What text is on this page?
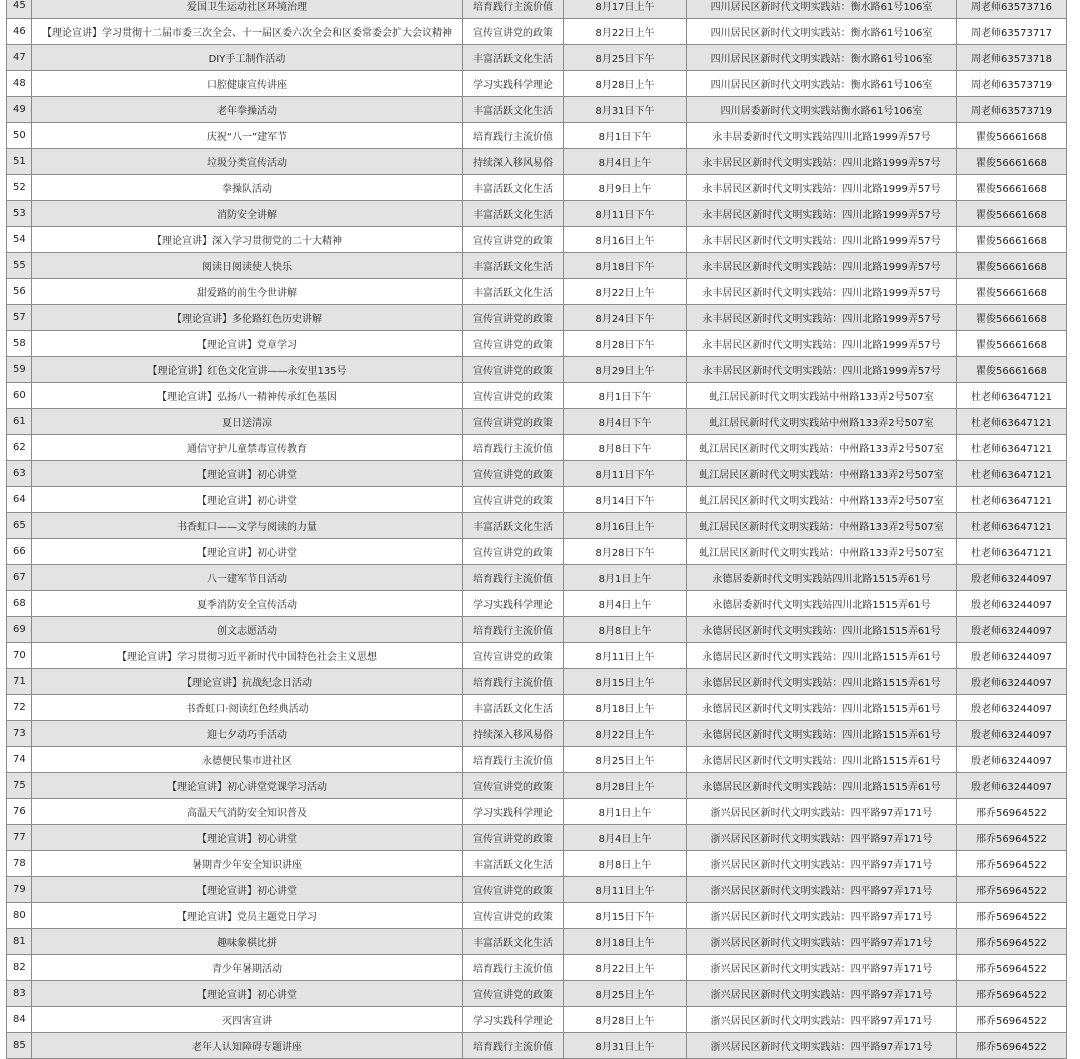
45	爱国卫生运动社区环境治理	培育践行主流价值	8月17日上午	四川居民区新时代文明实践站：衡水路61号106室	周老师63573716
46	【理论宣讲】学习贯彻十二届市委三次全会、十一届区委六次全会和区委常委会扩大会议精神	宣传宣讲党的政策	8月22日上午	四川居民区新时代文明实践站：衡水路61号106室	周老师63573717
47	DIY手工制作活动	丰富活跃文化生活	8月25日下午	四川居民区新时代文明实践站：衡水路61号106室	周老师63573718
48	口腔健康宣传讲座	学习实践科学理论	8月28日上午	四川居民区新时代文明实践站：衡水路61号106室	周老师63573719
49	老年拳操活动	丰富活跃文化生活	8月31日下午	四川居委新时代文明实践站衡水路61号106室	周老师63573719
50	庆祝“八一”建军节	培育践行主流价值	8月1日下午	永丰居委新时代文明实践站四川北路1999弄57号	瞿俊56661668
51	垃圾分类宣传活动	持续深入移风易俗	8月4日上午	永丰居民区新时代文明实践站：四川北路1999弄57号	瞿俊56661668
52	拳操队活动	丰富活跃文化生活	8月9日上午	永丰居民区新时代文明实践站：四川北路1999弄57号	瞿俊56661668
53	消防安全讲解	丰富活跃文化生活	8月11日下午	永丰居民区新时代文明实践站：四川北路1999弄57号	瞿俊56661668
54	【理论宣讲】深入学习贯彻党的二十大精神	宣传宣讲党的政策	8月16日上午	永丰居民区新时代文明实践站：四川北路1999弄57号	瞿俊56661668
55	阅读日阅读使人快乐	丰富活跃文化生活	8月18日下午	永丰居民区新时代文明实践站：四川北路1999弄57号	瞿俊56661668
56	甜爱路的前生今世讲解	丰富活跃文化生活	8月22日上午	永丰居民区新时代文明实践站：四川北路1999弄57号	瞿俊56661668
57	【理论宣讲】多伦路红色历史讲解	宣传宣讲党的政策	8月24日下午	永丰居民区新时代文明实践站：四川北路1999弄57号	瞿俊56661668
58	【理论宣讲】党章学习	宣传宣讲党的政策	8月28日下午	永丰居民区新时代文明实践站：四川北路1999弄57号	瞿俊56661668
59	【理论宣讲】红色文化宣讲——永安里135号	宣传宣讲党的政策	8月29日上午	永丰居民区新时代文明实践站：四川北路1999弄57号	瞿俊56661668
60	【理论宣讲】弘扬八一精神传承红色基因	宣传宣讲党的政策	8月1日下午	虬江居民新时代文明实践站中州路133弄2号507室	杜老师63647121
61	夏日送清凉	宣传宣讲党的政策	8月4日下午	虬江居民新时代文明实践站中州路133弄2号507室	杜老师63647121
62	通信守护儿童禁毒宣传教育	培育践行主流价值	8月8日下午	虬江居民区新时代文明实践站：中州路133弄2号507室	杜老师63647121
63	【理论宣讲】初心讲堂	宣传宣讲党的政策	8月11日下午	虬江居民区新时代文明实践站：中州路133弄2号507室	杜老师63647121
64	【理论宣讲】初心讲堂	宣传宣讲党的政策	8月14日下午	虬江居民区新时代文明实践站：中州路133弄2号507室	杜老师63647121
65	书香虹口——文学与阅读的力量	丰富活跃文化生活	8月16日上午	虬江居民区新时代文明实践站：中州路133弄2号507室	杜老师63647121
66	【理论宣讲】初心讲堂	宣传宣讲党的政策	8月28日下午	虬江居民区新时代文明实践站：中州路133弄2号507室	杜老师63647121
67	八一建军节日活动	培育践行主流价值	8月1日上午	永德居委新时代文明实践站四川北路1515弄61号	殷老师63244097
68	夏季消防安全宣传活动	学习实践科学理论	8月4日上午	永德居委新时代文明实践站四川北路1515弄61号	殷老师63244097
69	创文志愿活动	培育践行主流价值	8月8日上午	永德居民区新时代文明实践站：四川北路1515弄61号	殷老师63244097
70	【理论宣讲】学习贯彻习近平新时代中国特色社会主义思想	宣传宣讲党的政策	8月11日上午	永德居民区新时代文明实践站：四川北路1515弄61号	殷老师63244097
71	【理论宣讲】抗战纪念日活动	培育践行主流价值	8月15日上午	永德居民区新时代文明实践站：四川北路1515弄61号	殷老师63244097
72	书香虹口·阅读红色经典活动	丰富活跃文化生活	8月18日上午	永德居民区新时代文明实践站：四川北路1515弄61号	殷老师63244097
73	迎七夕动巧手活动	持续深入移风易俗	8月22日上午	永德居民区新时代文明实践站：四川北路1515弄61号	殷老师63244097
74	永德便民集市进社区	培育践行主流价值	8月25日上午	永德居民区新时代文明实践站：四川北路1515弄61号	殷老师63244097
75	【理论宣讲】初心讲堂党课学习活动	宣传宣讲党的政策	8月28日上午	永德居民区新时代文明实践站：四川北路1515弄61号	殷老师63244097
76	高温天气消防安全知识普及	学习实践科学理论	8月1日上午	浙兴居民区新时代文明实践站：四平路97弄171号	邢乔56964522
77	【理论宣讲】初心讲堂	宣传宣讲党的政策	8月4日上午	浙兴居民区新时代文明实践站：四平路97弄171号	邢乔56964522
78	暑期青少年安全知识讲座	丰富活跃文化生活	8月8日上午	浙兴居民区新时代文明实践站：四平路97弄171号	邢乔56964522
79	【理论宣讲】初心讲堂	宣传宣讲党的政策	8月11日上午	浙兴居民区新时代文明实践站：四平路97弄171号	邢乔56964522
80	【理论宣讲】党员主题党日学习	宣传宣讲党的政策	8月15日下午	浙兴居民区新时代文明实践站：四平路97弄171号	邢乔56964522
81	趣味象棋比拼	丰富活跃文化生活	8月18日上午	浙兴居民区新时代文明实践站：四平路97弄171号	邢乔56964522
82	青少年暑期活动	培育践行主流价值	8月22日上午	浙兴居民区新时代文明实践站：四平路97弄171号	邢乔56964522
83	【理论宣讲】初心讲堂	宣传宣讲党的政策	8月25日上午	浙兴居民区新时代文明实践站：四平路97弄171号	邢乔56964522
84	灭四害宣讲	学习实践科学理论	8月28日上午	浙兴居民区新时代文明实践站：四平路97弄171号	邢乔56964522
85	老年人认知障碍专题讲座	培育践行主流价值	8月31日上午	浙兴居民区新时代文明实践站：四平路97弄171号	邢乔56964522
